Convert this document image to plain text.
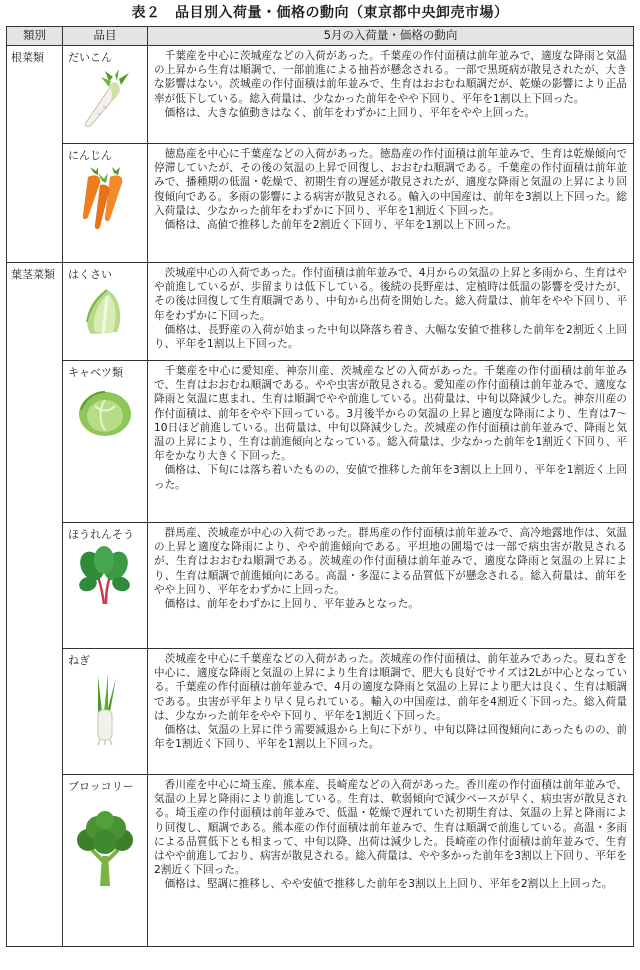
表２　品目別入荷量・価格の動向（東京都中央卸売市場）
類別	品目	5月の入荷量・価格の動向
根菜類	だいこん	千葉産を中心に茨城産などの入荷があった。千葉産の作付面積は前年並みで、適度な降雨と気温の上昇から生育は順調で、一部前進による抽苔が懸念される。一部で黒斑病が散見されたが、大きな影響はない。茨城産の作付面積は前年並みで、生育はおおむね順調だが、乾燥の影響により正品率が低下している。総入荷量は、少なかった前年をやや下回り、平年を1割以上下回った。

価格は、大きな値動きはなく、前年をわずかに上回り、平年をやや上回った。

	にんじん	徳島産を中心に千葉産などの入荷があった。徳島産の作付面積は前年並みで、生育は乾燥傾向で停滞していたが、その後の気温の上昇で回復し、おおむね順調である。千葉産の作付面積は前年並みで、播種期の低温・乾燥で、初期生育の遅延が散見されたが、適度な降雨と気温の上昇により回復傾向である。多雨の影響による病害が散見される。輸入の中国産は、前年を3割以上下回った。総入荷量は、少なかった前年をわずかに下回り、平年を1割近く下回った。

価格は、高値で推移した前年を2割近く下回り、平年を1割以上下回った。

葉茎菜類	はくさい	茨城産中心の入荷であった。作付面積は前年並みで、4月からの気温の上昇と多雨から、生育はやや前進しているが、歩留まりは低下している。後続の長野産は、定植時は低温の影響を受けたが、その後は回復して生育順調であり、中旬から出荷を開始した。総入荷量は、前年をやや下回り、平年をわずかに下回った。

価格は、長野産の入荷が始まった中旬以降落ち着き、大幅な安値で推移した前年を2割近く上回り、平年を1割以上下回った。

	キャベツ類	千葉産を中心に愛知産、神奈川産、茨城産などの入荷があった。千葉産の作付面積は前年並みで、生育はおおむね順調である。やや虫害が散見される。愛知産の作付面積は前年並みで、適度な降雨と気温に恵まれ、生育は順調でやや前進している。出荷量は、中旬以降減少した。神奈川産の作付面積は、前年をやや下回っている。3月後半からの気温の上昇と適度な降雨により、生育は7～10日ほど前進している。出荷量は、中旬以降減少した。茨城産の作付面積は前年並みで、降雨と気温の上昇により、生育は前進傾向となっている。総入荷量は、少なかった前年を1割近く下回り、平年をかなり大きく下回った。

価格は、下旬には落ち着いたものの、安値で推移した前年を3割以上上回り、平年を1割近く上回った。

	ほうれんそう	群馬産、茨城産が中心の入荷であった。群馬産の作付面積は前年並みで、高冷地露地作は、気温の上昇と適度な降雨により、やや前進傾向である。平坦地の圃場では一部で病虫害が散見されるが、生育はおおむね順調である。茨城産の作付面積は前年並みで、適度な降雨と気温の上昇により、生育は順調で前進傾向にある。高温・多湿による品質低下が懸念される。総入荷量は、前年をやや上回り、平年をわずかに上回った。

価格は、前年をわずかに上回り、平年並みとなった。

	ねぎ	茨城産を中心に千葉産などの入荷があった。茨城産の作付面積は、前年並みであった。夏ねぎを中心に、適度な降雨と気温の上昇により生育は順調で、肥大も良好でサイズは2Lが中心となっている。千葉産の作付面積は前年並みで、4月の適度な降雨と気温の上昇により肥大は良く、生育は順調である。虫害が平年より早く見られている。輸入の中国産は、前年を4割近く下回った。総入荷量は、少なかった前年をやや下回り、平年を1割近く下回った。

価格は、気温の上昇に伴う需要減退から上旬に下がり、中旬以降は回復傾向にあったものの、前年を1割近く下回り、平年を1割以上下回った。

	ブロッコリー	香川産を中心に埼玉産、熊本産、長崎産などの入荷があった。香川産の作付面積は前年並みで、気温の上昇と降雨により前進している。生育は、軟弱傾向で減少ペースが早く、病虫害が散見される。埼玉産の作付面積は前年並みで、低温・乾燥で遅れていた初期生育は、気温の上昇と降雨により回復し、順調である。熊本産の作付面積は前年並みで、生育は順調で前進している。高温・多雨による品質低下とも相まって、中旬以降、出荷は減少した。長崎産の作付面積は前年並みで、生育はやや前進しており、病害が散見される。総入荷量は、やや多かった前年を3割以上下回り、平年を2割近く下回った。

価格は、堅調に推移し、やや安値で推移した前年を3割以上上回り、平年を2割以上上回った。
